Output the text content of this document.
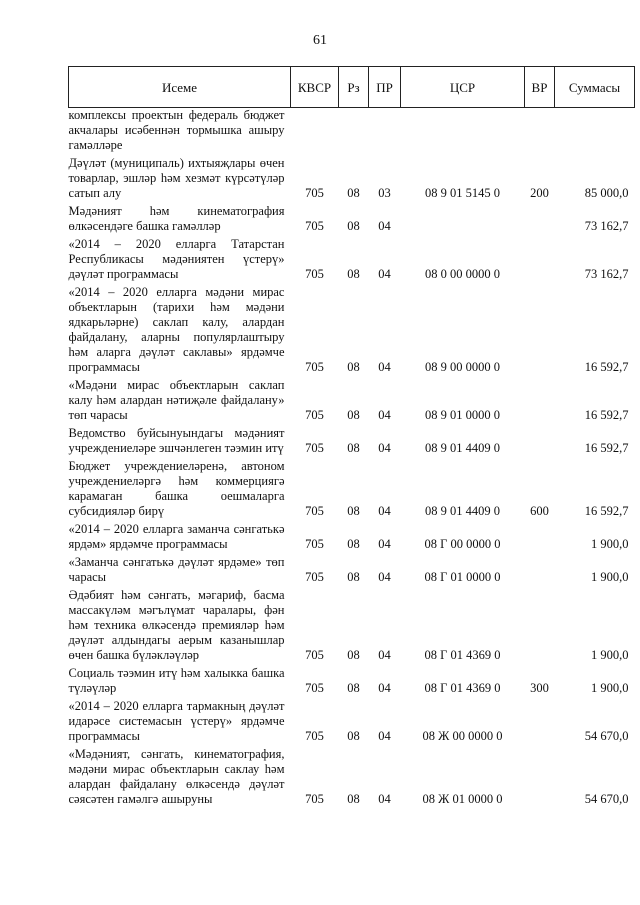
61
Исеме	КВСР	Рз	ПР	ЦСР	ВР	Суммасы
комплексы проектын федераль бюджет акчалары исәбеннән тормышка ашыру гамәлләре						
Дәүләт (муниципаль) ихтыяҗлары өчен товарлар, эшләр һәм хезмәт күрсәтүләр сатып алу	705	08	03	08 9 01 5145 0	200	85 000,0
Мәдәният һәм кинематография өлкәсендәге башка гамәлләр	705	08	04			73 162,7
«2014 – 2020 елларга Татарстан Республикасы мәдәниятен үстерү» дәүләт программасы	705	08	04	08 0 00 0000 0		73 162,7
«2014 – 2020 елларга мәдәни мирас объектларын (тарихи һәм мәдәни ядкарьләрне) саклап калу, алардан файдалану, аларны популярлаштыру һәм аларга дәүләт саклавы» ярдәмче программасы	705	08	04	08 9 00 0000 0		16 592,7
«Мәдәни мирас объектларын саклап калу һәм алардан нәтиҗәле файдалану» төп чарасы	705	08	04	08 9 01 0000 0		16 592,7
Ведомство буйсынуындагы мәдәният учреждениеләре эшчәнлеген тәэмин итү	705	08	04	08 9 01 4409 0		16 592,7
Бюджет учреждениеләренә, автоном учреждениеләргә һәм коммерциягә карамаган башка оешмаларга субсидияләр бирү	705	08	04	08 9 01 4409 0	600	16 592,7
«2014 – 2020 елларга заманча сәнгатькә ярдәм» ярдәмче программасы	705	08	04	08 Г 00 0000 0		1 900,0
«Заманча сәнгатькә дәүләт ярдәме» төп чарасы	705	08	04	08 Г 01 0000 0		1 900,0
Әдәбият һәм сәнгать, мәгариф, басма массакүләм мәгълүмат чаралары, фән һәм техника өлкәсендә премияләр һәм дәүләт алдындагы аерым казанышлар өчен башка бүләкләүләр	705	08	04	08 Г 01 4369 0		1 900,0
Социаль тәэмин итү һәм халыкка башка түләүләр	705	08	04	08 Г 01 4369 0	300	1 900,0
«2014 – 2020 елларга тармакның дәүләт идарәсе системасын үстерү» ярдәмче программасы	705	08	04	08 Ж 00 0000 0		54 670,0
«Мәдәният, сәнгать, кинематография, мәдәни мирас объектларын саклау һәм алардан файдалану өлкәсендә дәүләт сәясәтен гамәлгә ашыруны	705	08	04	08 Ж 01 0000 0		54 670,0
